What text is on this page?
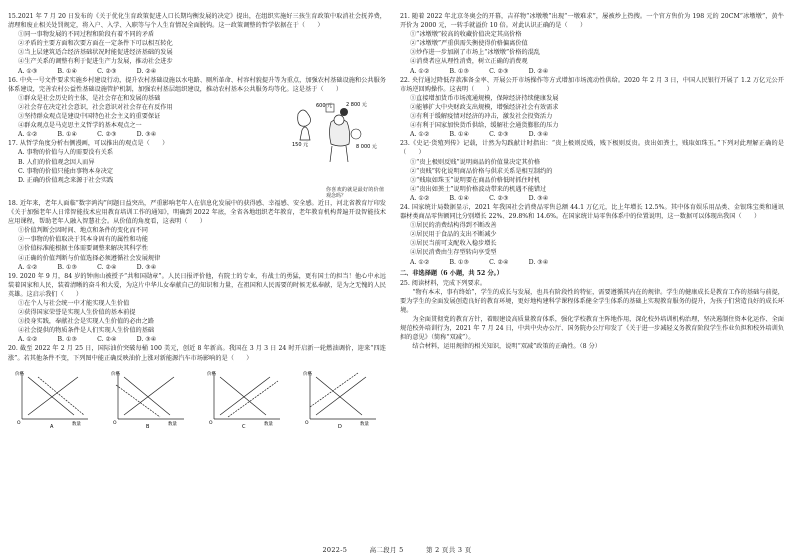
15.2021 年 7 月 20 日发布的《关于优化生育政策促进人口长期均衡发展的决定》提出，在组织实施好三孩生育政策中取消社会抚养费，清理和废止相关处罚规定，将入户、入学、入职等与个人生育情况全面脱钩。这一政策调整的哲学依据在于（　　）

①同一事物发展的不同过程和阶段有着不同的矛盾

②矛盾的主要方面和次要方面在一定条件下可以相互转化

③当上层建筑适合经济基础状况时能促进经济基础的发展

④生产关系的调整有利于促进生产力发展，推动社会进步

A. ①③	B. ①④	C. ②③	D. ②④

16. 中央一号文件要求实施乡村建设行动，提升农村基础设施以水电路、厕所革命、村容村貌提升等为重点，加强农村基础设施和公共服务体系建设，完善农村公益性基础设施管护机制，加强农村基层组织建设，推动农村基本公共服务均等化。这是基于（　　）

①群众是社会历史的主体，是社会存在和发展的基础

②社会存在决定社会意识，社会意识对社会存在有反作用

③坚持群众观点是建设中国特色社会主义的重要保证

④群众观点是马克思主义哲学的基本观点之一

A. ①②	B. ①④	C. ②③	D. ③④

17. 从哲学角度分析右侧漫画，可以推出的观点是（　　）

A. 事物的价值与人的需要没有关系

B. 人们的价值观念因人而异

C. 事物的价值只能由事物本身决定

D. 正确的价值观念来源于社会实践

600 元	2 800 元
150 元	8 000 元
你喜欢的就是最好的价值观念吗？

18. 近年来，老年人面临“数字鸿沟”问题日益突出，严重影响老年人在信息化发展中的获得感、幸福感、安全感。近日，河北省教育厅印发《关于加强老年人日常智能技术应用教育培训工作的通知》，明确到 2022 年底，全省各地组织老年教育，老年教育机构普遍开设智能技术应用课程，帮助老年人融入智慧社会。从价值的角度看，这表明（　　）

①价值判断会因时间、地点和条件的变化而不同

②一事物的价值取决于其本身固有的属性和功能

③价值标准能根据主体需要调整来解决其科学性

④正确的价值判断与价值选择必须遵循社会发展规律

A. ①②	B. ①③	C. ②④	D. ③④

19. 2020 年 9 月，84 岁的钟南山被授予“共和国勋章”。人民日报评价他，有院士的专业，有战士的勇猛，更有国士的担当！他心中永远装着国家和人民，装着清晰的奋斗和大爱，为这片中华儿女奉献自己的知识和力量，在祖国和人民需要的时候无私奉献，是为之无愧的人民英雄。这启示我们（　　）

①在个人与社会统一中才能实现人生价值

②获得国家荣誉是实现人生价值的基本前提

③投身实践，奉献社会是实现人生价值的必由之路

④社会提供的物质条件是人们实现人生价值的基础

A. ①②	B. ①③	C. ②④	D. ③④

20. 截至 2022 年 2 月 25 日，国际油价突破每桶 100 美元，创近 8 年新高。我国在 3 月 3 日 24 时开启新一轮燃油调价，迎来“四连涨”。若其他条件不变，下列图中能正确反映油价上涨对新能源汽车市场影响的是（　　）

价格
数量
O
A
价格
数量
O
B
价格
数量
O
C
价格
数量
O
D

21. 随着 2022 年北京冬奥会的开幕，吉祥物“冰墩墩”出现“一墩难求”，屡被炒上热搜。一个官方售价为 198 元的 20CM“冰墩墩”，黄牛开价为 2000 元，一转手就溢价 10 倍。对此认识正确的是（　　）

①“冰墩墩”较高的收藏价值决定其高价格

②“冰墩墩”严重供需失衡使得价格偏离价值

③炒作进一步加剧了市场上“冰墩墩”价格的混乱

④消费者应从理性消费，树立正确的消费观

A. ①②	B. ①③	C. ②③	D. ②④

22. 央行通过降低存款准备金率、开展公开市场操作等方式增加市场流动性供给。2020 年 2 月 3 日，中国人民银行开展了 1.2 万亿元公开市场逆回购操作。这表明（　　）

①直接增加货币市场流通规模，保障经济持续健康发展

②能够扩大中央财政支出规模，增强经济社会有效需求

③有利于缓解疫情对经济的冲击，激发社会投资活力

④有利于国家加快货币供给，缓解社会通货膨胀的压力

A. ①②	B. ①④	C. ②③	D. ③④

23.《史记·货殖列传》记载，计然为勾践献计时指出：“贵上极则反贱，贱下极则反贵。贵出如粪土，贱取如珠玉。”下列对此理解正确的是（　　）

①“贵上极则反贱”说明商品的价值量决定其价格

②“贵贱”转化说明商品价格与供求关系是相互制约的

③“贱取如珠玉”说明要在商品价格低时抓住时机

④“贵出如粪土”说明价格波动带来的机遇不能错过

A. ①②	B. ①④	C. ②③	D. ③④

24. 国家统计局数据显示，2021 年我国社会消费品零售总额 44.1 万亿元，比上年增长 12.5%。其中体育娱乐用品类、金银珠宝类和通讯器材类商品零售额同比分别增长 22%、29.8%和 14.6%。在国家统计局零售体系中的位置说明，这一数据可以体现出我国（　　）

①居民的消费结构得到不断改善

②居民用于食品的支出不断减少

③居民当前可支配收入稳步增长

④居民消费由生存型转向享受型

A. ①②	B. ①③	C. ②④	D. ③④

二、非选择题（6 小题，共 52 分。）

25. 阅读材料，完成下列要求。

“物有本末，事有终始”，学生的成长与发展，也具有阶段性的特征，需要遵循其内在的规律。学生的健康成长是教育工作的基础与前提，要为学生的全面发展创造良好的教育环境，更好地构建科学课程体系健全学生体系的基础上实现教育服务的提升，为孩子们营造良好的成长环境。

为全面贯彻党的教育方针，着眼建设高质量教育体系，强化学校教育主阵地作用，深化校外培训机构治理，坚决遏制住资本化运作、全面规范校外培训行为，2021 年 7 月 24 日，中共中央办公厅、国务院办公厅印发了《关于进一步减轻义务教育阶段学生作业负担和校外培训负担的意见》（简称“双减”）。

结合材料，运用规律的相关知识，说明“双减”政策的正确性。（8 分）

2022-5	高二段月 5	第 2 页共 3 页
